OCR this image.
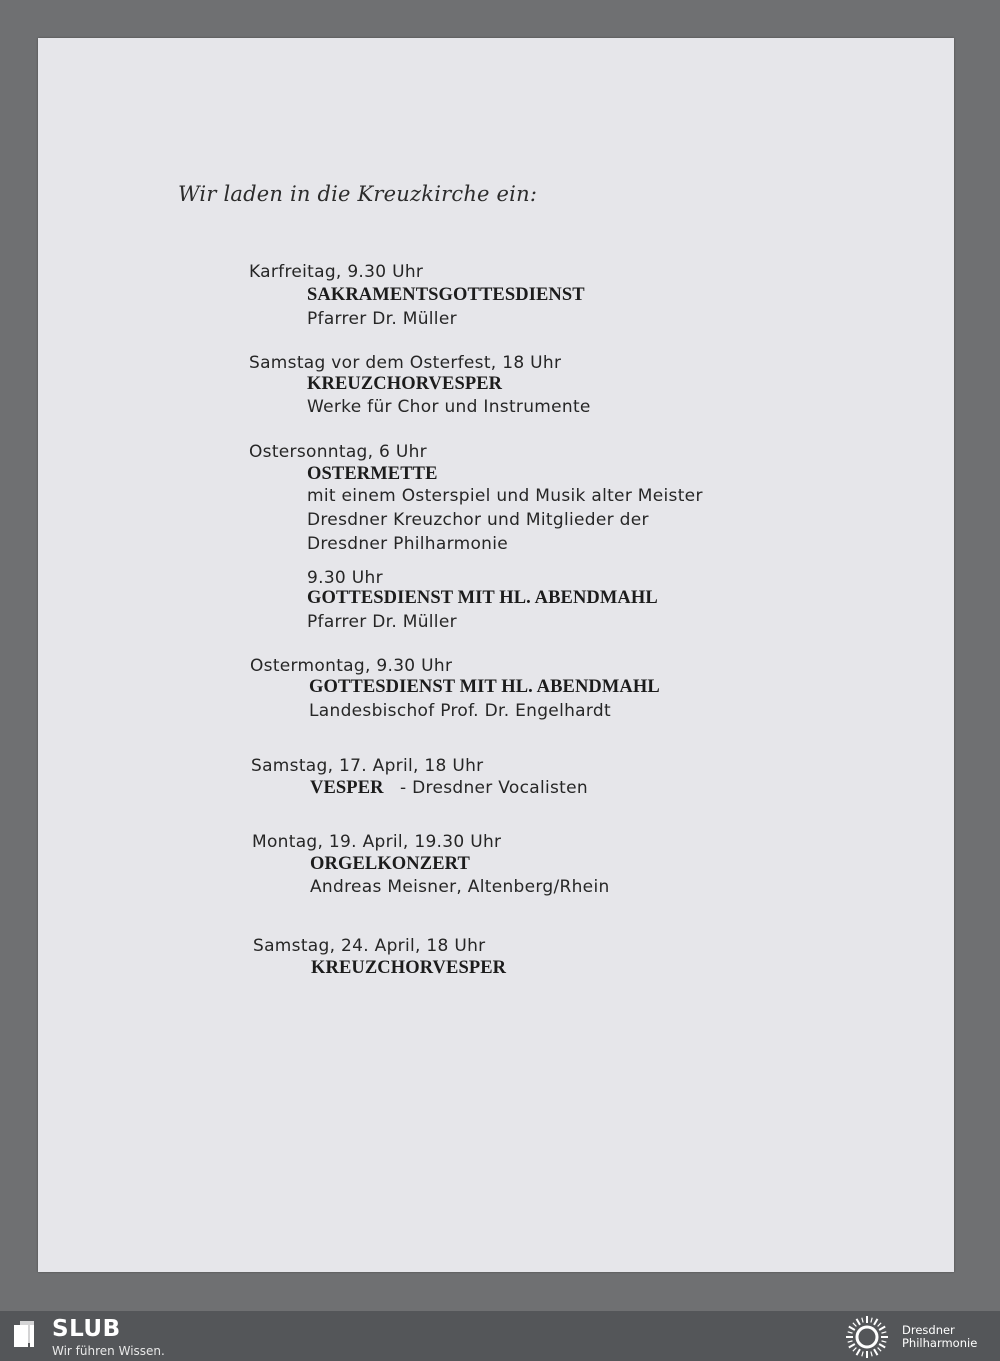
Wir laden in die Kreuzkirche ein:
Karfreitag, 9.30 Uhr
SAKRAMENTSGOTTESDIENST
Pfarrer Dr. Müller
Samstag vor dem Osterfest, 18 Uhr
KREUZCHORVESPER
Werke für Chor und Instrumente
Ostersonntag, 6 Uhr
OSTERMETTE
mit einem Osterspiel und Musik alter Meister
Dresdner Kreuzchor und Mitglieder der
Dresdner Philharmonie
9.30 Uhr
GOTTESDIENST MIT HL. ABENDMAHL
Pfarrer Dr. Müller
Ostermontag, 9.30 Uhr
GOTTESDIENST MIT HL. ABENDMAHL
Landesbischof Prof. Dr. Engelhardt
Samstag, 17. April, 18 Uhr
VESPER - Dresdner Vocalisten
Montag, 19. April, 19.30 Uhr
ORGELKONZERT
Andreas Meisner, Altenberg/Rhein
Samstag, 24. April, 18 Uhr
KREUZCHORVESPER
SLUB
Wir führen Wissen.
Dresdner
Philharmonie
